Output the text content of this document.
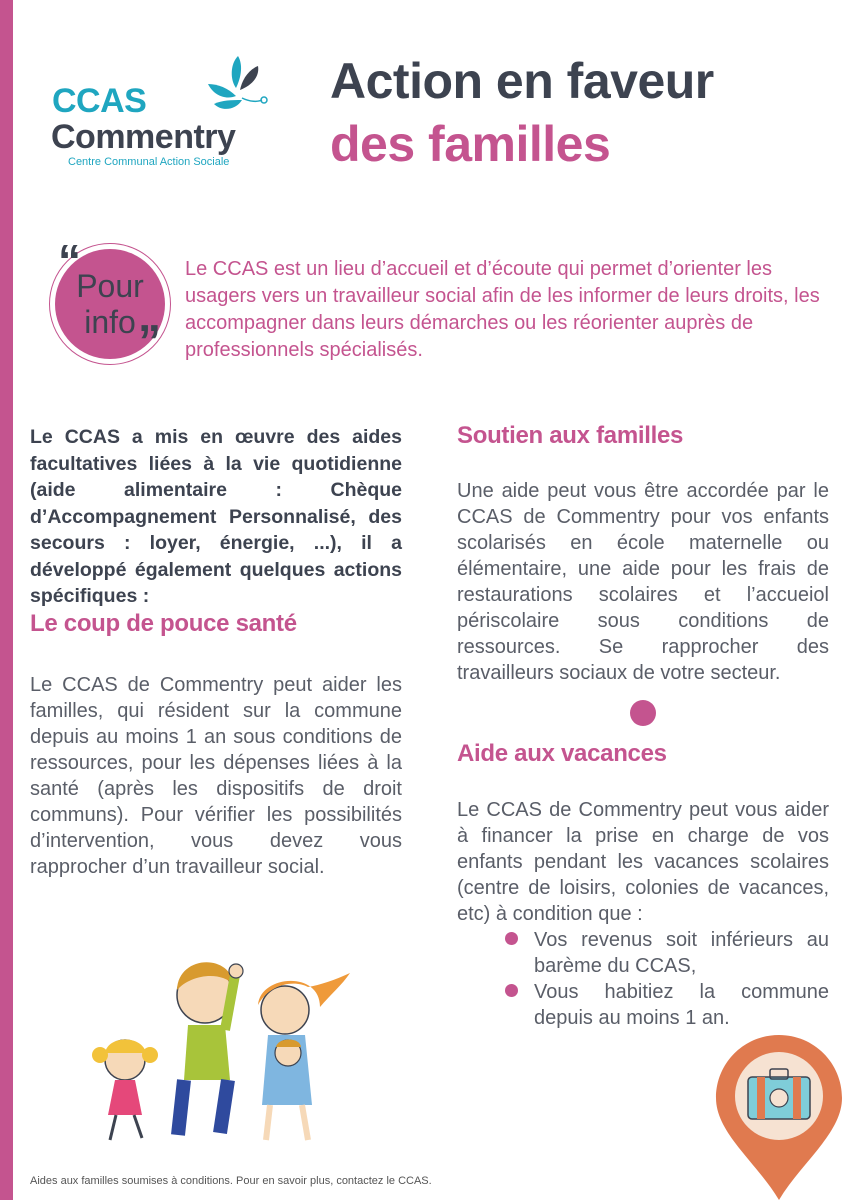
CCAS
Commentry
Centre Communal Action Sociale
Action en faveur
des familles
Pour
info
“
”
Le CCAS est un lieu d’accueil et d’écoute qui permet d’orienter les usagers vers un travailleur social afin de les informer de leurs droits, les accompagner dans leurs démarches ou les réorienter auprès de professionnels spécialisés.
Le CCAS a mis en œuvre des aides facultatives liées à la vie quotidienne (aide alimentaire : Chèque d’Accompagnement Personnalisé, des secours : loyer, énergie, ...), il a développé également quelques actions spécifiques :
Le coup de pouce santé
Le CCAS de Commentry peut aider les familles, qui résident sur la commune depuis au moins 1 an sous conditions de ressources, pour les dépenses liées à la santé (après les dispositifs de droit communs). Pour vérifier les possibilités d’intervention, vous devez vous rapprocher d’un travailleur social.
Soutien aux familles
Une aide peut vous être accordée par le CCAS de Commentry pour vos enfants scolarisés en école maternelle ou élémentaire, une aide pour les frais de restaurations scolaires et l’accueiol périscolaire sous conditions de ressources. Se rapprocher des travailleurs sociaux de votre secteur.
Aide aux vacances
Le CCAS de Commentry peut vous aider à financer la prise en charge de vos enfants pendant les vacances scolaires (centre de loisirs, colonies de vacances, etc) à condition que :
Vos revenus soit inférieurs au barème du CCAS,
Vous habitiez la commune depuis au moins 1 an.
Aides aux familles soumises à conditions. Pour en savoir plus, contactez le CCAS.
